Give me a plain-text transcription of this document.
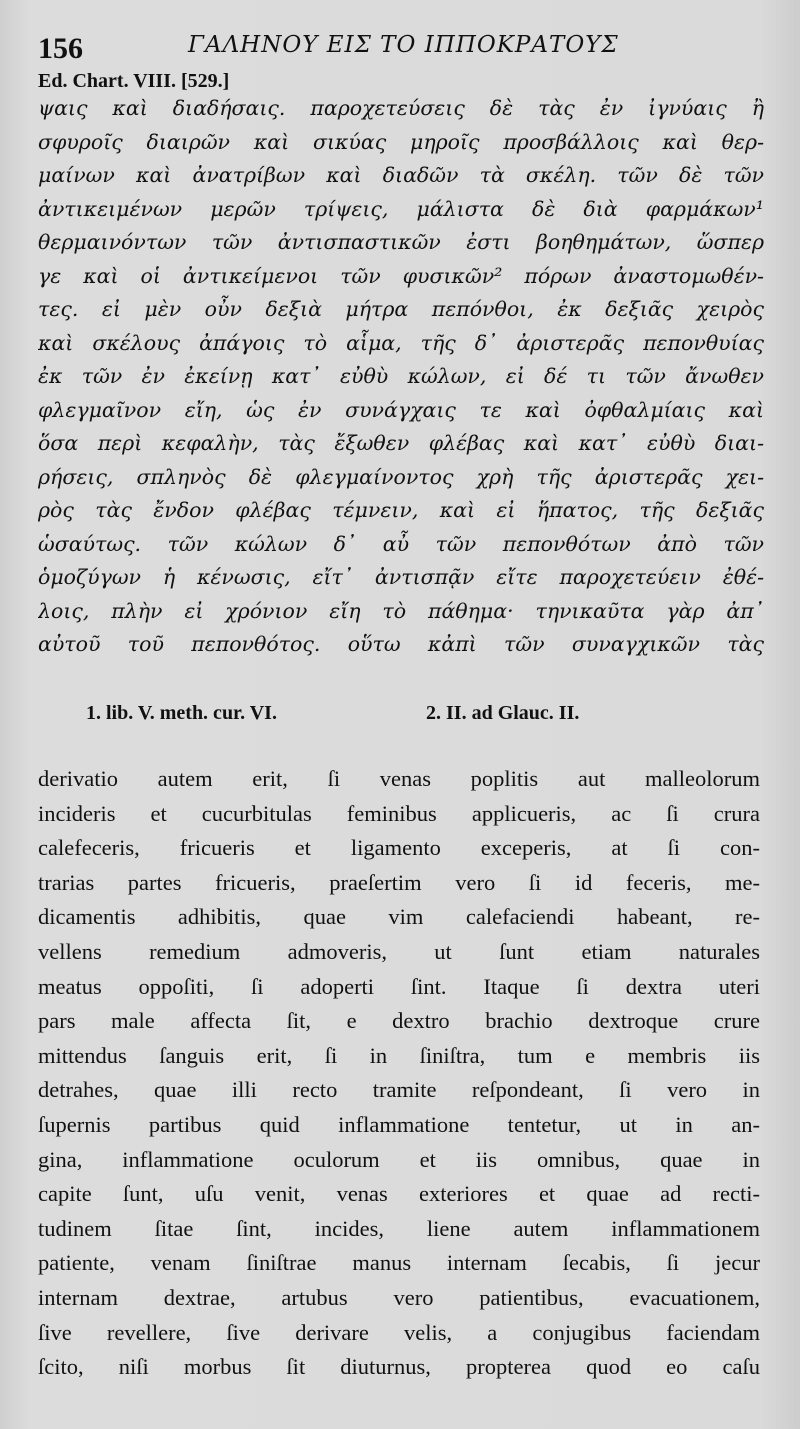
156	ΓΑΛΗΝΟΥ ΕΙΣ ΤΟ ΙΠΠΟΚΡΑΤΟΥΣ
Ed. Chart. VIII. [529.]
ψαις καὶ διαδήσαις. παροχετεύσεις δὲ τὰς ἐν ἰγνύαις ἢ
σφυροῖς διαιρῶν καὶ σικύας μηροῖς προσβάλλοις καὶ θερ-
μαίνων καὶ ἀνατρίβων καὶ διαδῶν τὰ σκέλη. τῶν δὲ τῶν
ἀντικειμένων μερῶν τρίψεις, μάλιστα δὲ διὰ φαρμάκων¹
θερμαινόντων τῶν ἀντισπαστικῶν ἐστι βοηθημάτων, ὥσπερ
γε καὶ οἱ ἀντικείμενοι τῶν φυσικῶν² πόρων ἀναστομωθέν-
τες. εἰ μὲν οὖν δεξιὰ μήτρα πεπόνθοι, ἐκ δεξιᾶς χειρὸς
καὶ σκέλους ἀπάγοις τὸ αἷμα, τῆς δ᾽ ἀριστερᾶς πεπονθυίας
ἐκ τῶν ἐν ἐκείνῃ κατ᾽ εὐθὺ κώλων, εἰ δέ τι τῶν ἄνωθεν
φλεγμαῖνον εἴη, ὡς ἐν συνάγχαις τε καὶ ὀφθαλμίαις καὶ
ὅσα περὶ κεφαλὴν, τὰς ἔξωθεν φλέβας καὶ κατ᾽ εὐθὺ διαι-
ρήσεις, σπληνὸς δὲ φλεγμαίνοντος χρὴ τῆς ἀριστερᾶς χει-
ρὸς τὰς ἔνδον φλέβας τέμνειν, καὶ εἰ ἥπατος, τῆς δεξιᾶς
ὡσαύτως. τῶν κώλων δ᾽ αὖ τῶν πεπονθότων ἀπὸ τῶν
ὁμοζύγων ἡ κένωσις, εἴτ᾽ ἀντισπᾷν εἴτε παροχετεύειν ἐθέ-
λοις, πλὴν εἰ χρόνιον εἴη τὸ πάθημα· τηνικαῦτα γὰρ ἀπ᾽
αὐτοῦ τοῦ πεπονθότος. οὕτω κἀπὶ τῶν συναγχικῶν τὰς
1. lib. V. meth. cur. VI.	2. II. ad Glauc. II.
derivatio autem erit, ſi venas poplitis aut malleolorum
incideris et cucurbitulas feminibus applicueris, ac ſi crura
calefeceris, fricueris et ligamento exceperis, at ſi con-
trarias partes fricueris, praeſertim vero ſi id feceris, me-
dicamentis adhibitis, quae vim calefaciendi habeant, re-
vellens remedium admoveris, ut ſunt etiam naturales
meatus oppoſiti, ſi adoperti ſint. Itaque ſi dextra uteri
pars male affecta ſit, e dextro brachio dextroque crure
mittendus ſanguis erit, ſi in ſiniſtra, tum e membris iis
detrahes, quae illi recto tramite reſpondeant, ſi vero in
ſupernis partibus quid inflammatione tentetur, ut in an-
gina, inflammatione oculorum et iis omnibus, quae in
capite ſunt, uſu venit, venas exteriores et quae ad recti-
tudinem ſitae ſint, incides, liene autem inflammationem
patiente, venam ſiniſtrae manus internam ſecabis, ſi jecur
internam dextrae, artubus vero patientibus, evacuationem,
ſive revellere, ſive derivare velis, a conjugibus faciendam
ſcito, niſi morbus ſit diuturnus, propterea quod eo caſu
